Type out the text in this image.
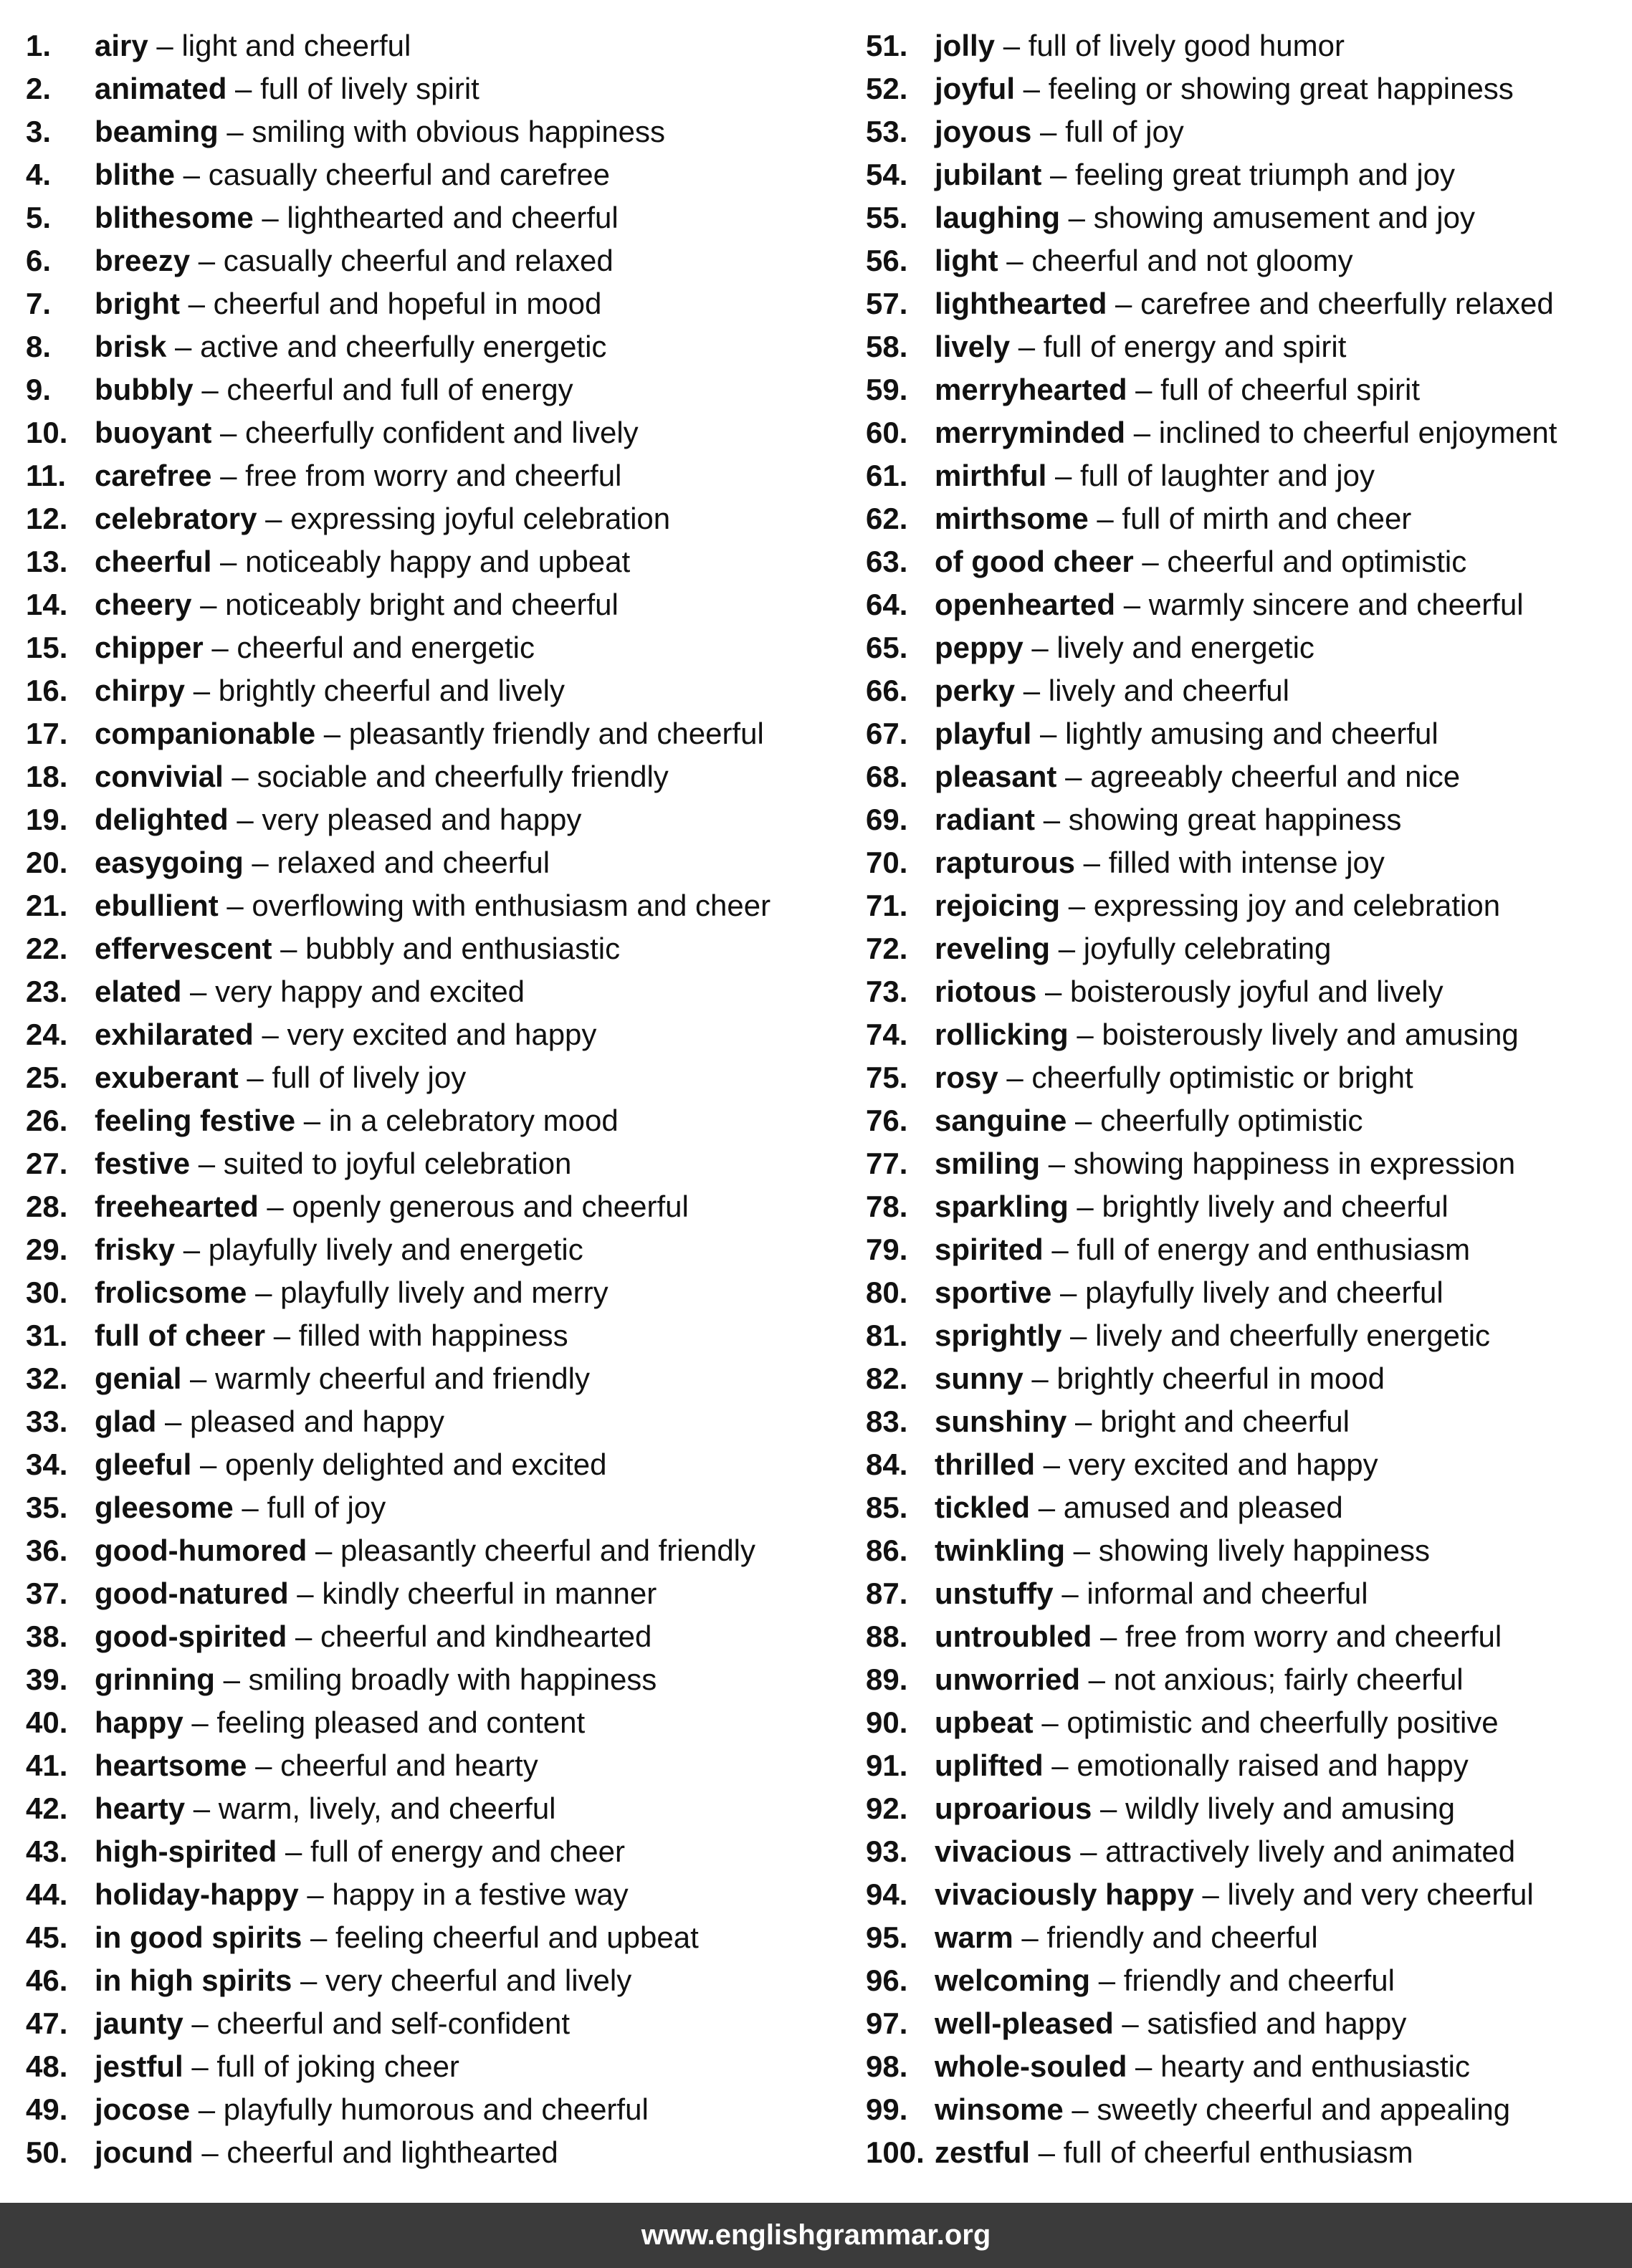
1. airy – light and cheerful
2. animated – full of lively spirit
3. beaming – smiling with obvious happiness
4. blithe – casually cheerful and carefree
5. blithesome – lighthearted and cheerful
6. breezy – casually cheerful and relaxed
7. bright – cheerful and hopeful in mood
8. brisk – active and cheerfully energetic
9. bubbly – cheerful and full of energy
10. buoyant – cheerfully confident and lively
11. carefree – free from worry and cheerful
12. celebratory – expressing joyful celebration
13. cheerful – noticeably happy and upbeat
14. cheery – noticeably bright and cheerful
15. chipper – cheerful and energetic
16. chirpy – brightly cheerful and lively
17. companionable – pleasantly friendly and cheerful
18. convivial – sociable and cheerfully friendly
19. delighted – very pleased and happy
20. easygoing – relaxed and cheerful
21. ebullient – overflowing with enthusiasm and cheer
22. effervescent – bubbly and enthusiastic
23. elated – very happy and excited
24. exhilarated – very excited and happy
25. exuberant – full of lively joy
26. feeling festive – in a celebratory mood
27. festive – suited to joyful celebration
28. freehearted – openly generous and cheerful
29. frisky – playfully lively and energetic
30. frolicsome – playfully lively and merry
31. full of cheer – filled with happiness
32. genial – warmly cheerful and friendly
33. glad – pleased and happy
34. gleeful – openly delighted and excited
35. gleesome – full of joy
36. good-humored – pleasantly cheerful and friendly
37. good-natured – kindly cheerful in manner
38. good-spirited – cheerful and kindhearted
39. grinning – smiling broadly with happiness
40. happy – feeling pleased and content
41. heartsome – cheerful and hearty
42. hearty – warm, lively, and cheerful
43. high-spirited – full of energy and cheer
44. holiday-happy – happy in a festive way
45. in good spirits – feeling cheerful and upbeat
46. in high spirits – very cheerful and lively
47. jaunty – cheerful and self-confident
48. jestful – full of joking cheer
49. jocose – playfully humorous and cheerful
50. jocund – cheerful and lighthearted
51. jolly – full of lively good humor
52. joyful – feeling or showing great happiness
53. joyous – full of joy
54. jubilant – feeling great triumph and joy
55. laughing – showing amusement and joy
56. light – cheerful and not gloomy
57. lighthearted – carefree and cheerfully relaxed
58. lively – full of energy and spirit
59. merryhearted – full of cheerful spirit
60. merryminded – inclined to cheerful enjoyment
61. mirthful – full of laughter and joy
62. mirthsome – full of mirth and cheer
63. of good cheer – cheerful and optimistic
64. openhearted – warmly sincere and cheerful
65. peppy – lively and energetic
66. perky – lively and cheerful
67. playful – lightly amusing and cheerful
68. pleasant – agreeably cheerful and nice
69. radiant – showing great happiness
70. rapturous – filled with intense joy
71. rejoicing – expressing joy and celebration
72. reveling – joyfully celebrating
73. riotous – boisterously joyful and lively
74. rollicking – boisterously lively and amusing
75. rosy – cheerfully optimistic or bright
76. sanguine – cheerfully optimistic
77. smiling – showing happiness in expression
78. sparkling – brightly lively and cheerful
79. spirited – full of energy and enthusiasm
80. sportive – playfully lively and cheerful
81. sprightly – lively and cheerfully energetic
82. sunny – brightly cheerful in mood
83. sunshiny – bright and cheerful
84. thrilled – very excited and happy
85. tickled – amused and pleased
86. twinkling – showing lively happiness
87. unstuffy – informal and cheerful
88. untroubled – free from worry and cheerful
89. unworried – not anxious; fairly cheerful
90. upbeat – optimistic and cheerfully positive
91. uplifted – emotionally raised and happy
92. uproarious – wildly lively and amusing
93. vivacious – attractively lively and animated
94. vivaciously happy – lively and very cheerful
95. warm – friendly and cheerful
96. welcoming – friendly and cheerful
97. well-pleased – satisfied and happy
98. whole-souled – hearty and enthusiastic
99. winsome – sweetly cheerful and appealing
100. zestful – full of cheerful enthusiasm
www.englishgrammar.org
